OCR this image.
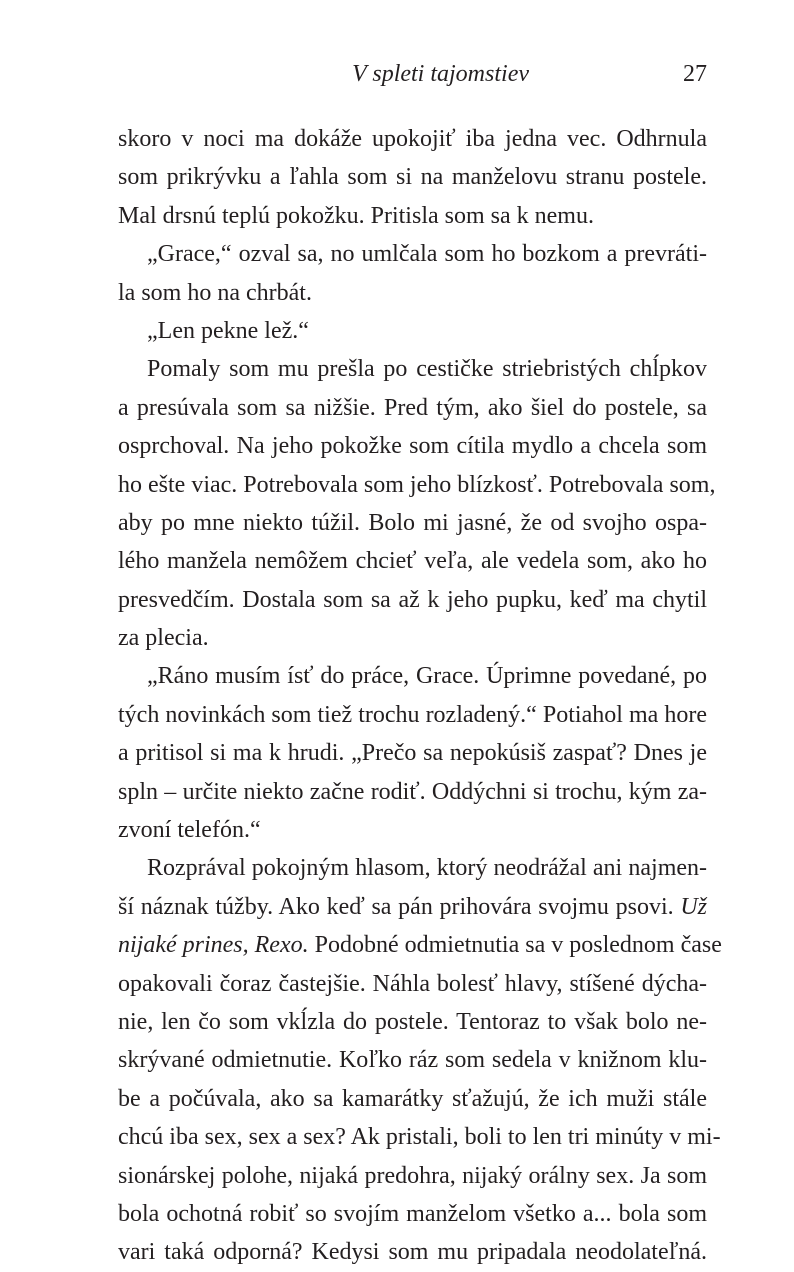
V spleti tajomstiev	27
skoro v noci ma dokáže upokojiť iba jedna vec. Odhrnula
som prikrývku a ľahla som si na manželovu stranu postele.
Mal drsnú teplú pokožku. Pritisla som sa k nemu.
„Grace,“ ozval sa, no umlčala som ho bozkom a prevráti-
la som ho na chrbát.
„Len pekne lež.“
Pomaly som mu prešla po cestičke striebristých chĺpkov
a presúvala som sa nižšie. Pred tým, ako šiel do postele, sa
osprchoval. Na jeho pokožke som cítila mydlo a chcela som
ho ešte viac. Potrebovala som jeho blízkosť. Potrebovala som,
aby po mne niekto túžil. Bolo mi jasné, že od svojho ospa-
lého manžela nemôžem chcieť veľa, ale vedela som, ako ho
presvedčím. Dostala som sa až k jeho pupku, keď ma chytil
za plecia.
„Ráno musím ísť do práce, Grace. Úprimne povedané, po
tých novinkách som tiež trochu rozladený.“ Potiahol ma hore
a pritisol si ma k hrudi. „Prečo sa nepokúsiš zaspať? Dnes je
spln – určite niekto začne rodiť. Oddýchni si trochu, kým za-
zvoní telefón.“
Rozprával pokojným hlasom, ktorý neodrážal ani najmen-
ší náznak túžby. Ako keď sa pán prihovára svojmu psovi. Už
nijaké prines, Rexo. Podobné odmietnutia sa v poslednom čase
opakovali čoraz častejšie. Náhla bolesť hlavy, stíšené dýcha-
nie, len čo som vkĺzla do postele. Tentoraz to však bolo ne-
skrývané odmietnutie. Koľko ráz som sedela v knižnom klu-
be a počúvala, ako sa kamarátky sťažujú, že ich muži stále
chcú iba sex, sex a sex? Ak pristali, boli to len tri minúty v mi-
sionárskej polohe, nijaká predohra, nijaký orálny sex. Ja som
bola ochotná robiť so svojím manželom všetko a... bola som
vari taká odporná? Kedysi som mu pripadala neodolateľná.
